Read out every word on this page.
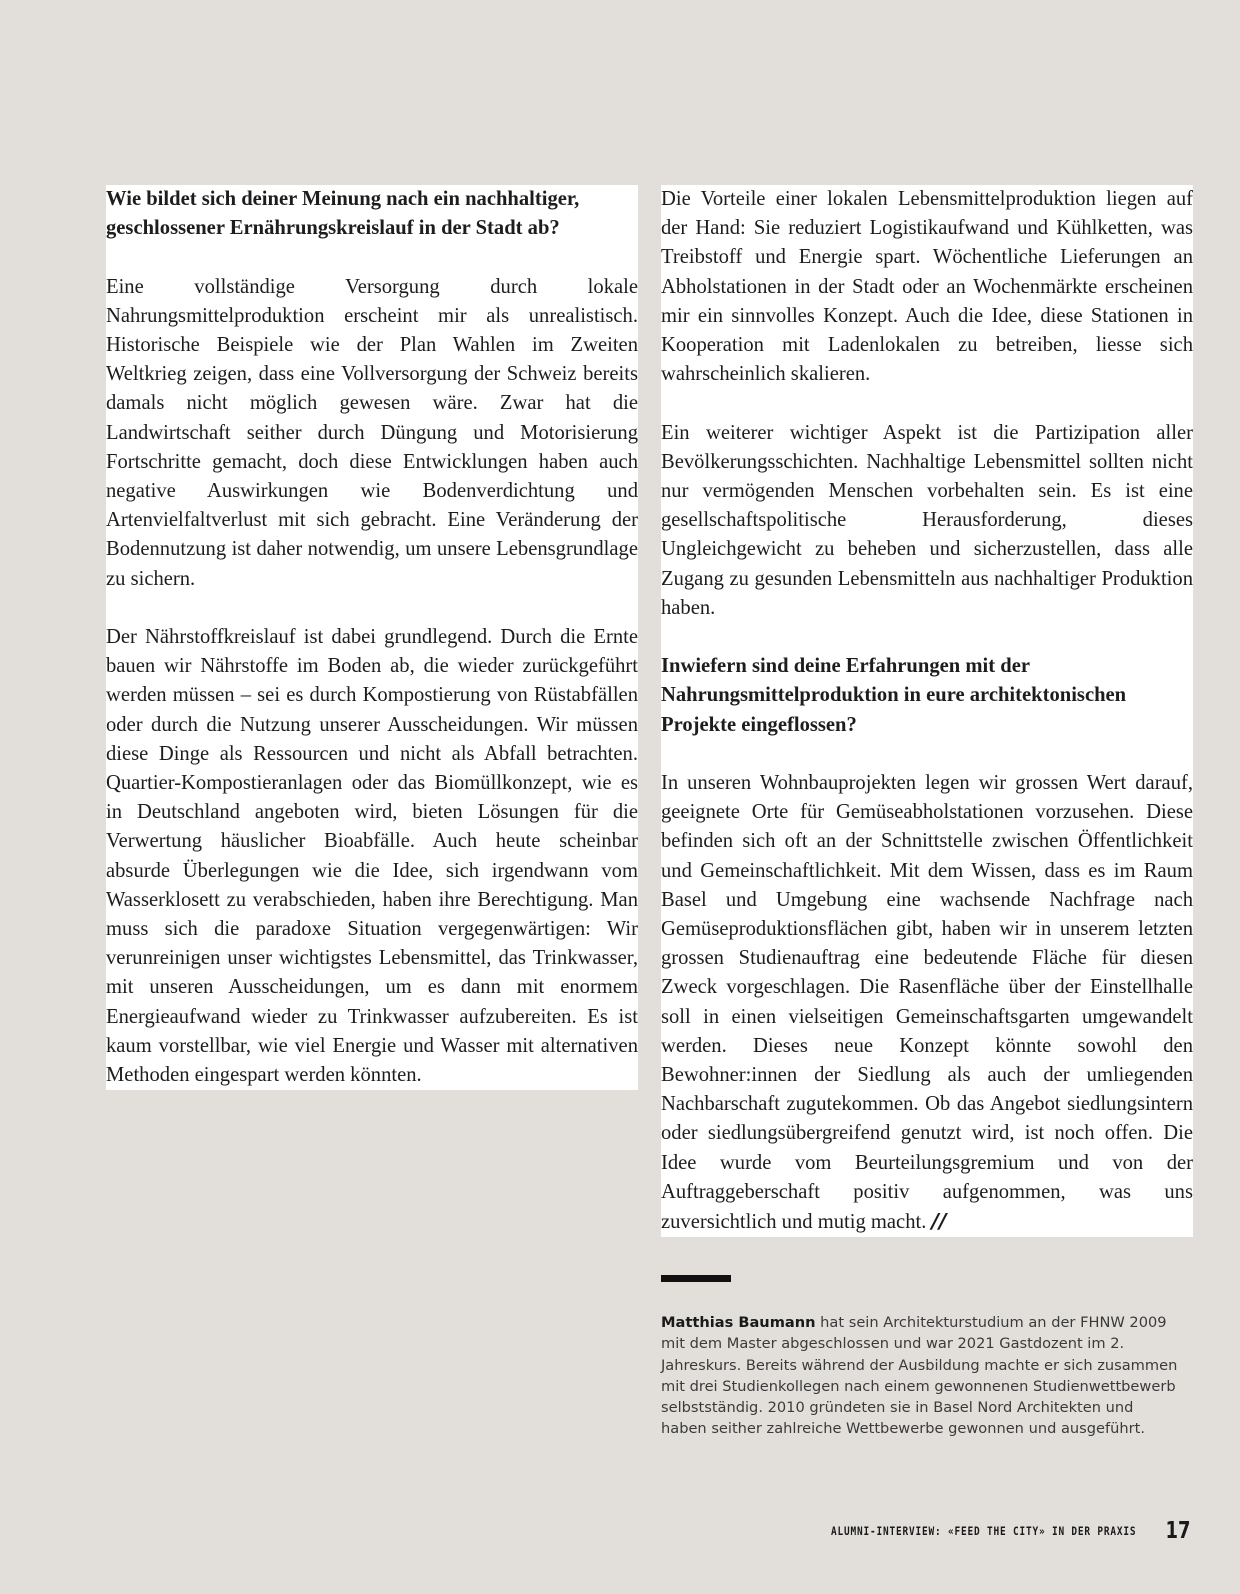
Wie bildet sich deiner Meinung nach ein nachhaltiger, geschlossener Ernährungskreislauf in der Stadt ab?

Eine vollständige Versorgung durch lokale Nahrungsmittelproduktion erscheint mir als unrealistisch. Historische Beispiele wie der Plan Wahlen im Zweiten Weltkrieg zeigen, dass eine Vollversorgung der Schweiz bereits damals nicht möglich gewesen wäre. Zwar hat die Landwirtschaft seither durch Düngung und Motorisierung Fortschritte gemacht, doch diese Entwicklungen haben auch negative Auswirkungen wie Bodenverdichtung und Artenvielfaltverlust mit sich gebracht. Eine Veränderung der Bodennutzung ist daher notwendig, um unsere Lebensgrundlage zu sichern.

Der Nährstoffkreislauf ist dabei grundlegend. Durch die Ernte bauen wir Nährstoffe im Boden ab, die wieder zurückgeführt werden müssen – sei es durch Kompostierung von Rüstabfällen oder durch die Nutzung unserer Ausscheidungen. Wir müssen diese Dinge als Ressourcen und nicht als Abfall betrachten. Quartier-Kompostieranlagen oder das Biomüllkonzept, wie es in Deutschland angeboten wird, bieten Lösungen für die Verwertung häuslicher Bioabfälle. Auch heute scheinbar absurde Überlegungen wie die Idee, sich irgendwann vom Wasserklosett zu verabschieden, haben ihre Berechtigung. Man muss sich die paradoxe Situation vergegenwärtigen: Wir verunreinigen unser wichtigstes Lebensmittel, das Trinkwasser, mit unseren Ausscheidungen, um es dann mit enormem Energieaufwand wieder zu Trinkwasser aufzubereiten. Es ist kaum vorstellbar, wie viel Energie und Wasser mit alternativen Methoden eingespart werden könnten.

Die Vorteile einer lokalen Lebensmittelproduktion liegen auf der Hand: Sie reduziert Logistikaufwand und Kühlketten, was Treibstoff und Energie spart. Wöchentliche Lieferungen an Abholstationen in der Stadt oder an Wochenmärkte erscheinen mir ein sinnvolles Konzept. Auch die Idee, diese Stationen in Kooperation mit Ladenlokalen zu betreiben, liesse sich wahrscheinlich skalieren.

Ein weiterer wichtiger Aspekt ist die Partizipation aller Bevölkerungsschichten. Nachhaltige Lebensmittel sollten nicht nur vermögenden Menschen vorbehalten sein. Es ist eine gesellschaftspolitische Herausforderung, dieses Ungleichgewicht zu beheben und sicherzustellen, dass alle Zugang zu gesunden Lebensmitteln aus nachhaltiger Produktion haben.

Inwiefern sind deine Erfahrungen mit der Nahrungsmittelproduktion in eure architektonischen Projekte eingeflossen?

In unseren Wohnbauprojekten legen wir grossen Wert darauf, geeignete Orte für Gemüseabholstationen vorzusehen. Diese befinden sich oft an der Schnittstelle zwischen Öffentlichkeit und Gemeinschaftlichkeit. Mit dem Wissen, dass es im Raum Basel und Umgebung eine wachsende Nachfrage nach Gemüseproduktionsflächen gibt, haben wir in unserem letzten grossen Studienauftrag eine bedeutende Fläche für diesen Zweck vorgeschlagen. Die Rasenfläche über der Einstellhalle soll in einen vielseitigen Gemeinschaftsgarten umgewandelt werden. Dieses neue Konzept könnte sowohl den Bewohner:innen der Siedlung als auch der umliegenden Nachbarschaft zugutekommen. Ob das Angebot siedlungsintern oder siedlungsübergreifend genutzt wird, ist noch offen. Die Idee wurde vom Beurteilungsgremium und von der Auftraggeberschaft positiv aufgenommen, was uns zuversichtlich und mutig macht. //

Matthias Baumann hat sein Architekturstudium an der FHNW 2009 mit dem Master abgeschlossen und war 2021 Gastdozent im 2. Jahreskurs. Bereits während der Ausbildung machte er sich zusammen mit drei Studienkollegen nach einem gewonnenen Studienwettbewerb selbstständig. 2010 gründeten sie in Basel Nord Architekten und haben seither zahlreiche Wettbewerbe gewonnen und ausgeführt.
ALUMNI-INTERVIEW: «FEED THE CITY» IN DER PRAXIS 17
